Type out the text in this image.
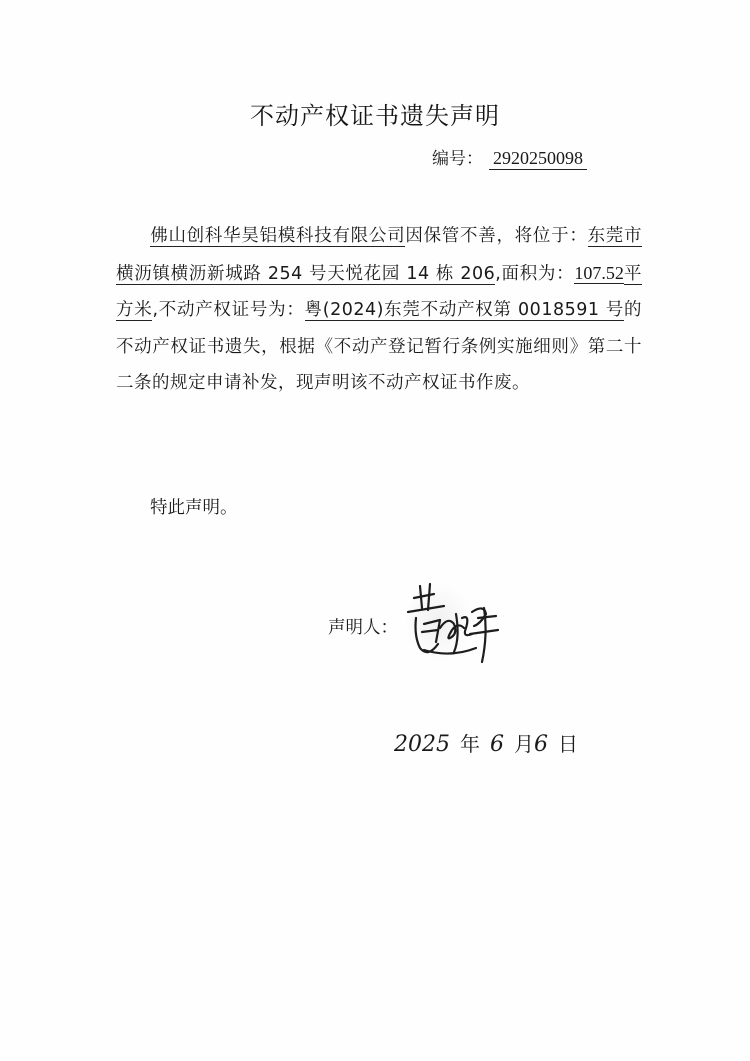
不动产权证书遗失声明
编号： 2920250098
佛山创科华昊铝模科技有限公司因保管不善，将位于：东莞市横沥镇横沥新城路 254 号天悦花园 14 栋 206,面积为：107.52平方米,不动产权证号为：粤(2024)东莞不动产权第 0018591 号的不动产权证书遗失，根据《不动产登记暂行条例实施细则》第二十二条的规定申请补发，现声明该不动产权证书作废。
特此声明。
声明人：
2025 年 6 月6 日
